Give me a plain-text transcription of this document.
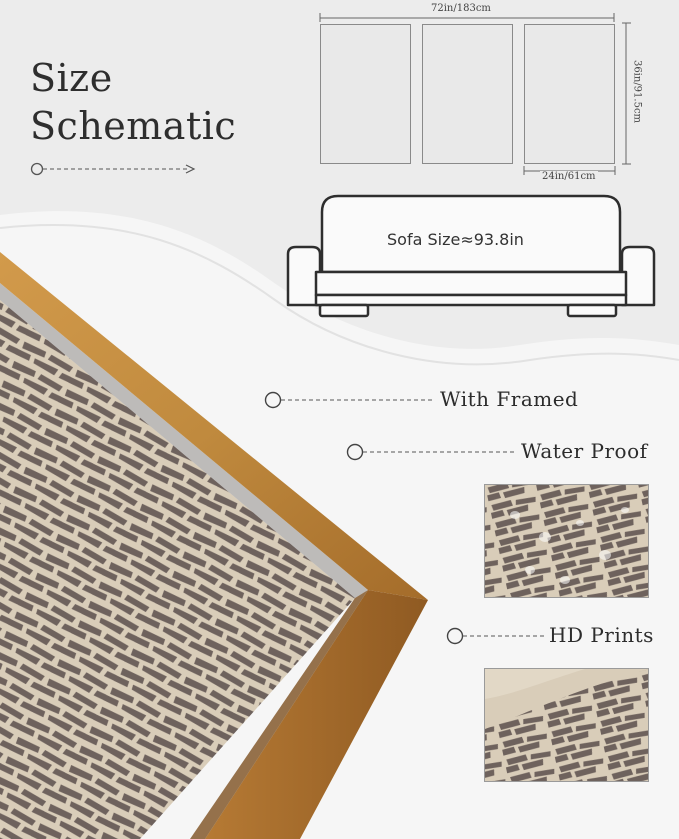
Size
Schematic
72in/183cm
36in/91.5cm
24in/61cm
Sofa Size≈93.8in
With Framed
Water Proof
HD Prints
